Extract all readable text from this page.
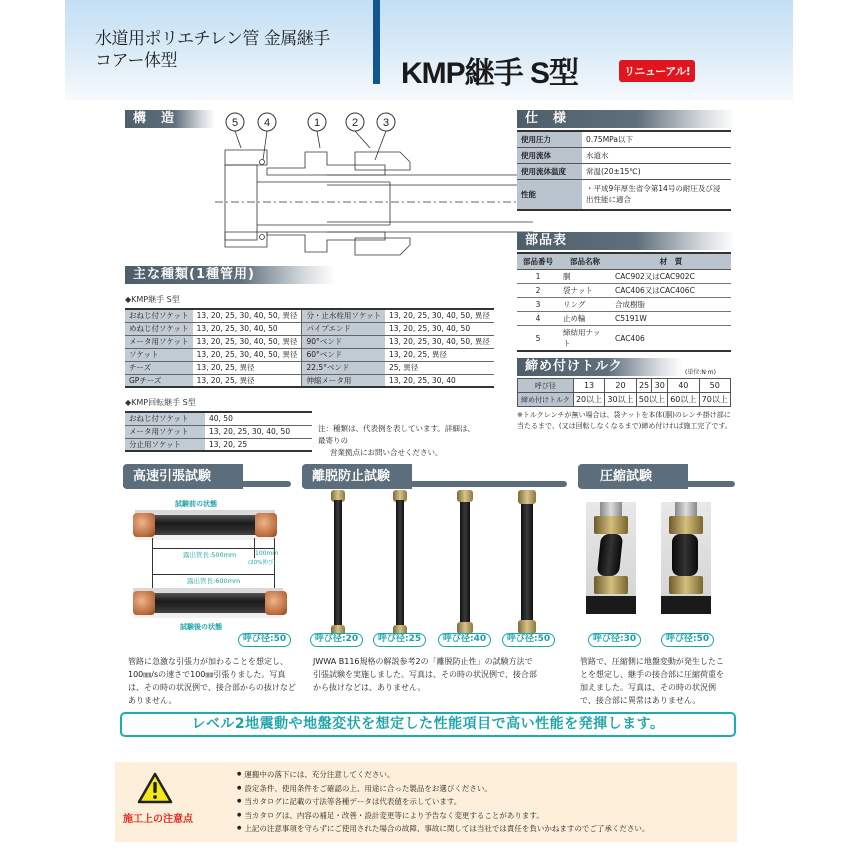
水道用ポリエチレン管 金属継手
コアー体型	KMP継手 S型	リニューアル!
構　造	5 4	1	2 3	仕　様
使用圧力	0.75MPa以下
使用流体	水道水
使用流体温度	常温(20±15℃)
性能	・平成9年厚生省令第14号の耐圧及び浸出性能に適合
部品表
部品番号	部品名称	材　質
1	胴	CAC902又はCAC902C
2	袋ナット	CAC406又はCAC406C
3	リング	合成樹脂
4	止め輪	C5191W
5	締結用ナット	CAC406
締め付けトルク	(単位:N·m)
呼び径	13	20	25	30	40	50
締め付けトルク	20以上	30以上	50以上		60以上	70以上
※トルクレンチが無い場合は、袋ナットを本体(胴)のレンチ掛け部に当たるまで、(又は回転しなくなるまで)締め付ければ施工完了です。
主な種類(1種管用)
◆KMP継手 S型
おねじ付ソケット	13, 20, 25, 30, 40, 50, 異径	分・止水栓用ソケット	13, 20, 25, 30, 40, 50, 異径
めねじ付ソケット	13, 20, 25, 30, 40, 50	パイプエンド	13, 20, 25, 30, 40, 50
メータ用ソケット	13, 20, 25, 30, 40, 50, 異径	90°ベンド	13, 20, 25, 30, 40, 50, 異径
ソケット	13, 20, 25, 30, 40, 50, 異径	60°ベンド	13, 20, 25, 異径
チーズ	13, 20, 25, 異径	22.5°ベンド	25, 異径
GPチーズ	13, 20, 25, 異径	伸縮メータ用	13, 20, 25, 30, 40
◆KMP回転継手 S型
おねじ付ソケット	40, 50
メータ用ソケット	13, 20, 25, 30, 40, 50
分止用ソケット	13, 20, 25
注：種類は、代表例を表しています。詳細は、最寄りの
営業拠点にお問い合せください。
高速引張試験
試験前の状態
露出管長:500mm	100mm
(20%伸び)
露出管長:600mm
試験後の状態
呼び径:50
管路に急激な引張力が加わることを想定し、100㎜/sの速さで100㎜引張りました。写真は、その時の状況例で、接合部からの抜けなどありません。
離脱防止試験
呼び径:20	呼び径:25	呼び径:40	呼び径:50
JWWA B116規格の解説参考2の「離脱防止性」の試験方法で引張試験を実施しました。写真は、その時の状況例で、接合部から抜けなどは、ありません。
圧縮試験
呼び径:30	呼び径:50
管路で、圧縮側に地盤変動が発生したことを想定し、継手の接合部に圧縮荷重を加えました。写真は、その時の状況例で、接合部に異常はありません。
レベル2地震動や地盤変状を想定した性能項目で高い性能を発揮します。
施工上の注意点
● 運搬中の落下には、充分注意してください。
● 設定条件、使用条件をご確認の上、用途に合った製品をお選びください。
● 当カタログに記載の寸法等各種データは代表値を示しています。
● 当カタログは、内容の補足・改善・設計変更等により予告なく変更することがあります。
● 上記の注意事項を守らずにご使用された場合の故障、事故に関しては当社では責任を負いかねますのでご了承ください。
